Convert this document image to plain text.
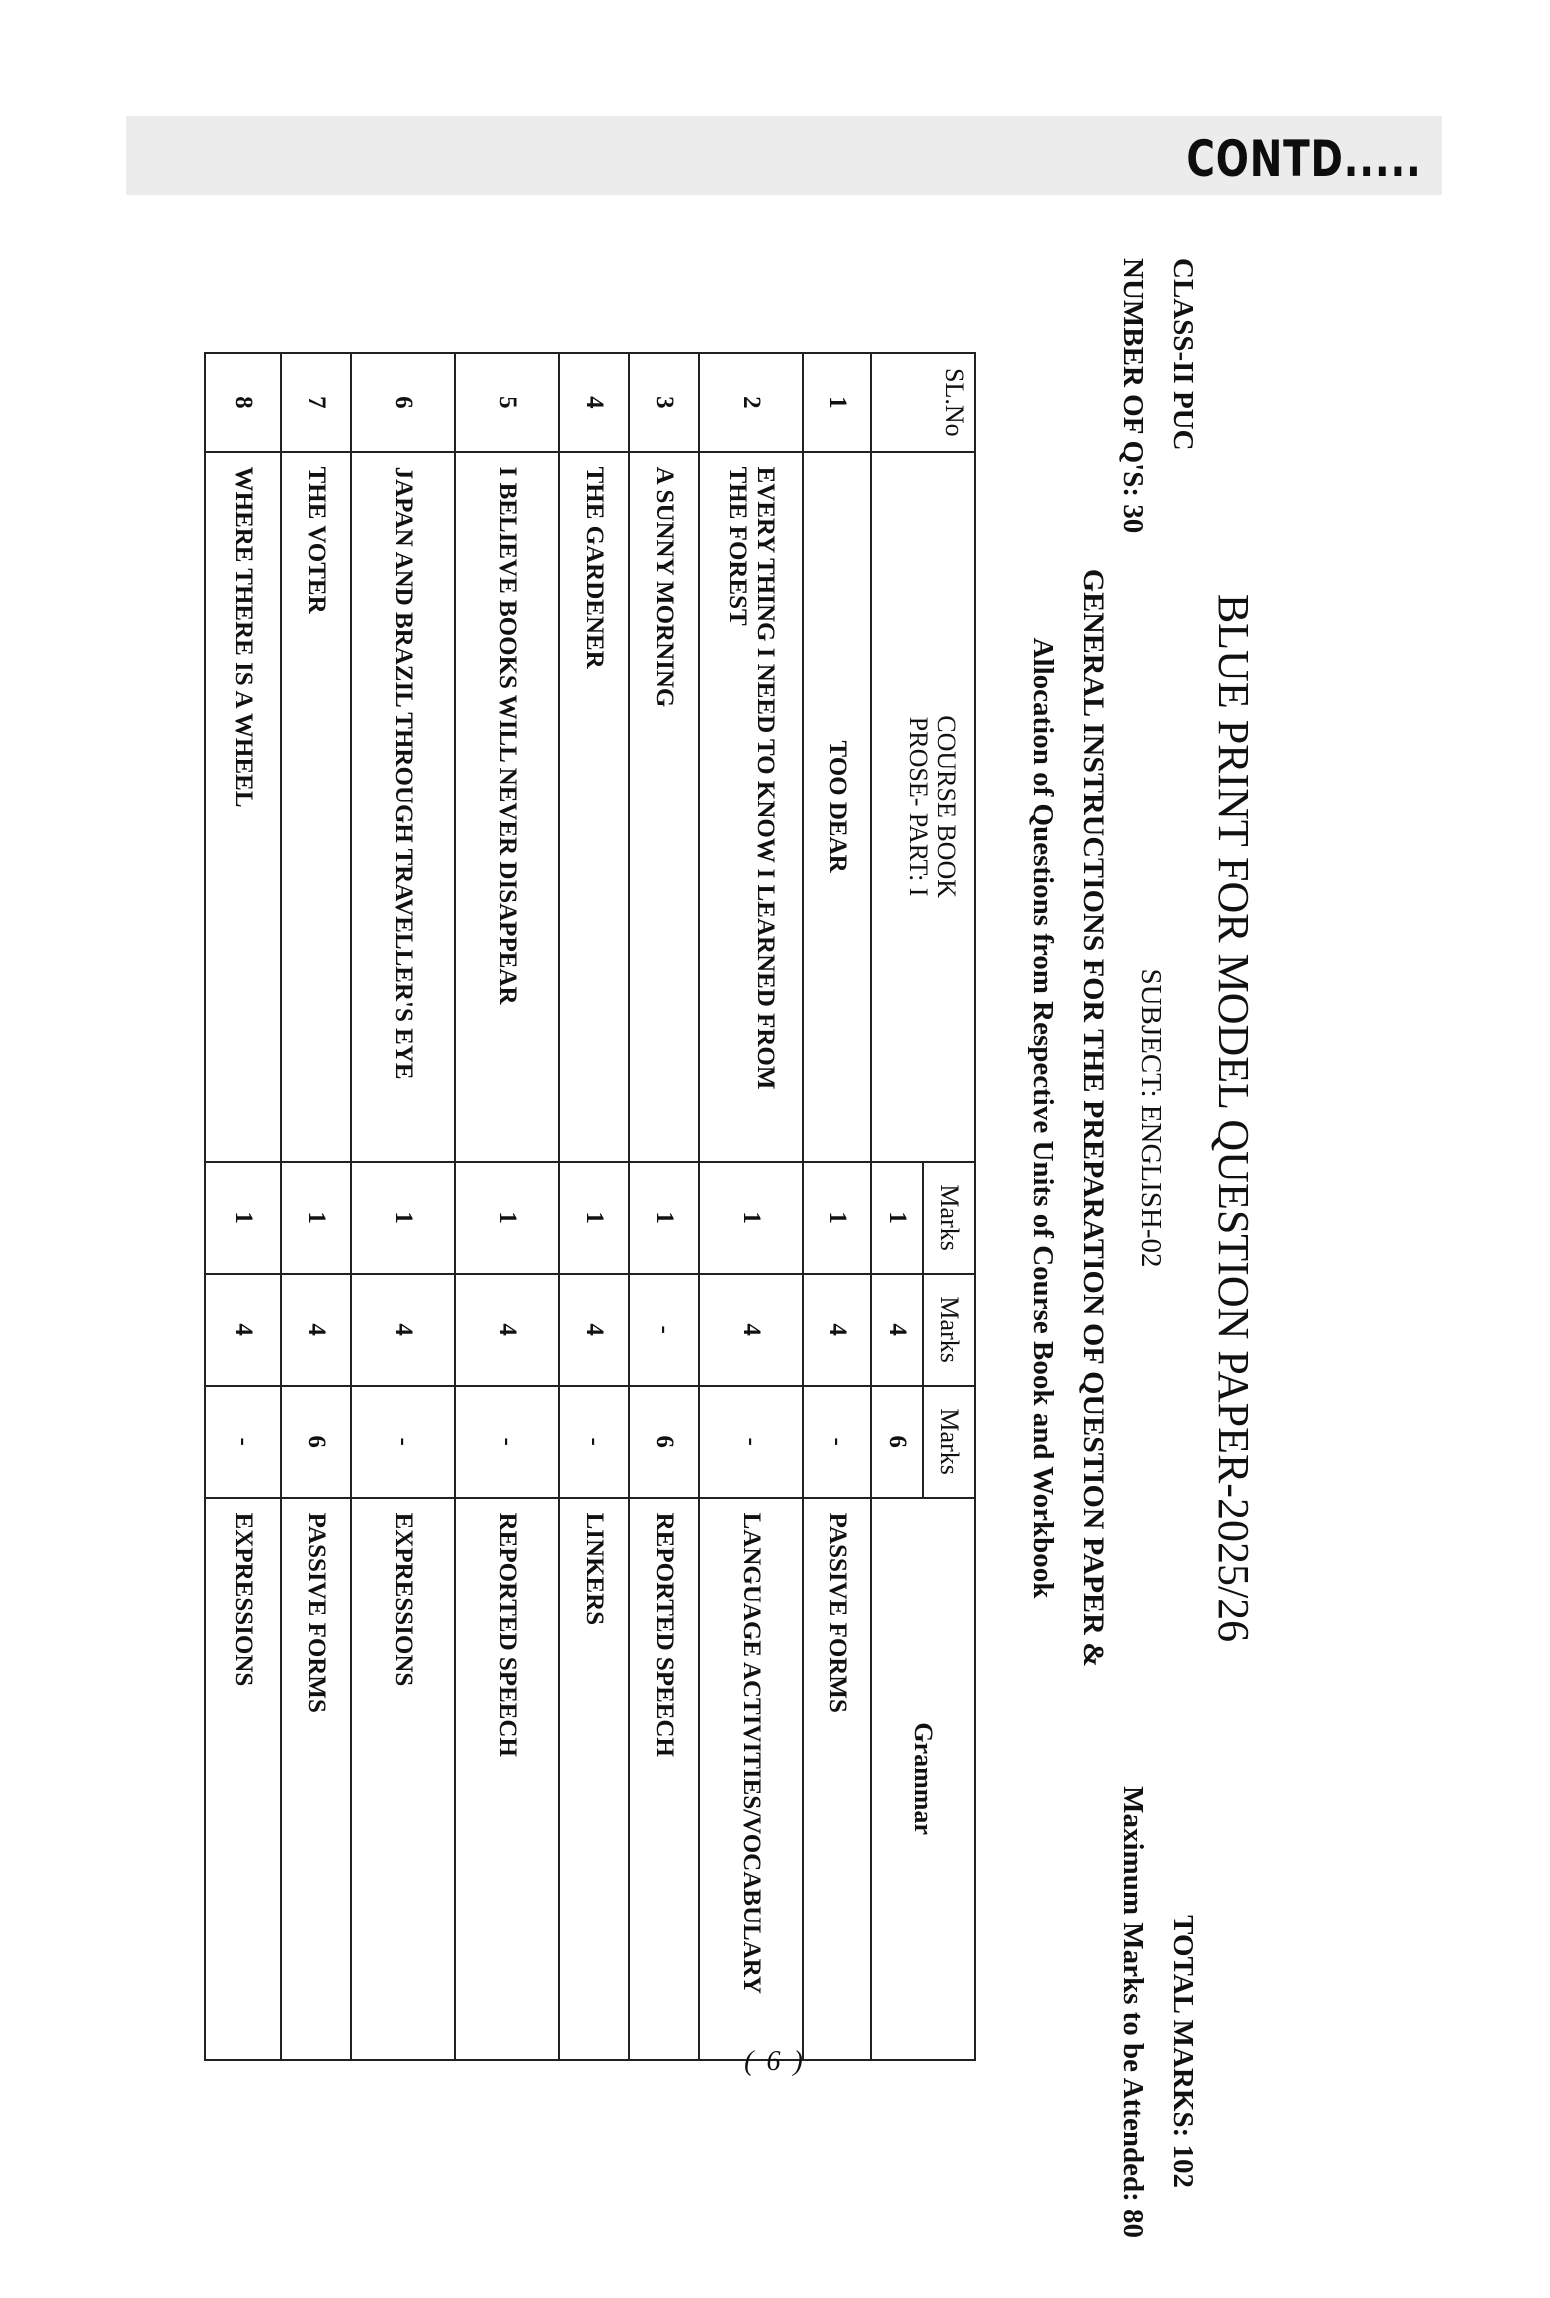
CONTD.....
BLUE PRINT FOR MODEL QUESTION PAPER-2025/26
CLASS-II PUC
TOTAL MARKS: 102
NUMBER OF Q'S: 30
SUBJECT: ENGLISH-02
Maximum Marks to be Attended: 80
GENERAL INSTRUCTIONS FOR THE PREPARATION OF QUESTION PAPER &
Allocation of Questions from Respective Units of Course Book and Workbook
SL.No	COURSE BOOK
PROSE- PART: I	Marks	Marks	Marks	Grammar
		1	4	6	
1	TOO DEAR	1	4	-	PASSIVE FORMS
2	EVERY THING I NEED TO KNOW I LEARNED FROM THE FOREST	1	4	-	LANGUAGE ACTIVITIES/VOCABULARY
3	A SUNNY MORNING	1	-	6	REPORTED SPEECH
4	THE GARDENER	1	4	-	LINKERS
5	I BELIEVE BOOKS WILL NEVER DISAPPEAR	1	4	-	REPORTED SPEECH
6	JAPAN AND BRAZIL THROUGH TRAVELLER'S EYE	1	4	-	EXPRESSIONS
7	THE VOTER	1	4	6	PASSIVE FORMS
8	WHERE THERE IS A WHEEL	1	4	-	EXPRESSIONS
( 6 )
